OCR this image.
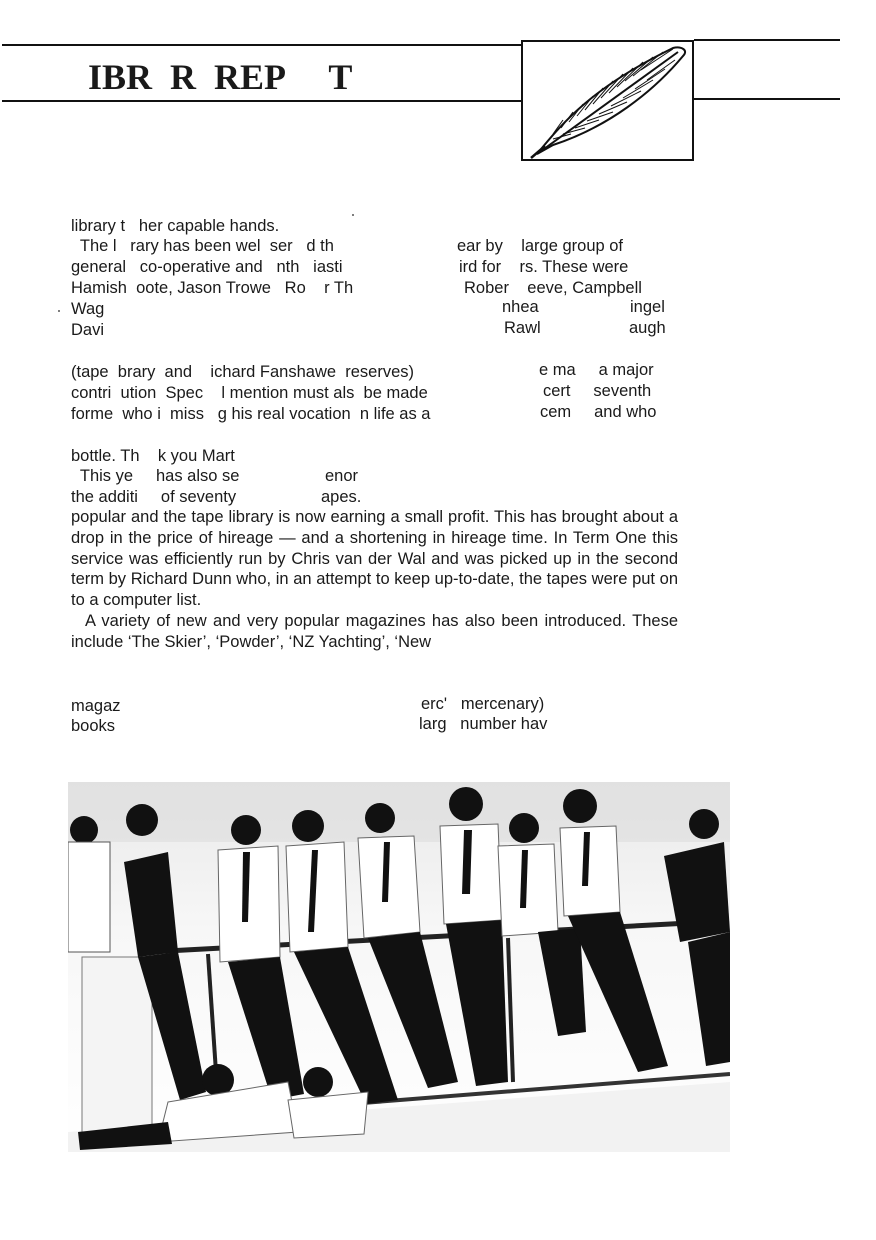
IBR  R  REP     T
library t   her capable hands.
The l   rary has been wel  ser   d th	ear by    large group of
general   co-operative and   nth   iasti	ird for    rs. These were
Hamish  oote, Jason Trowe   Ro    r Th	Rober    eeve, Campbell
Wag	nhea	ingel
Davi	Rawl	augh
(tape  brary  and    ichard Fanshawe  reserves)	e ma     a major
contri  ution  Spec    l mention must als  be made	cert     seventh
forme  who i  miss   g his real vocation  n life as a	cem     and who
bottle. Th    k you Mart
This ye     has also se	enor
the additi     of seventy	apes.

popular and the tape library is now earning a small profit. This has brought about a drop in the price of hireage — and a shortening in hireage time. In Term One this service was efficiently run by Chris van der Wal and was picked up in the second term by Richard Dunn who, in an attempt to keep up-to-date, the tapes were put on to a computer list.

A variety of new and very popular magazines has also been introduced. These include ‘The Skier’, ‘Powder’, ‘NZ Yachting’, ‘New

magaz	erc'   mercenary)
books	larg   number hav
